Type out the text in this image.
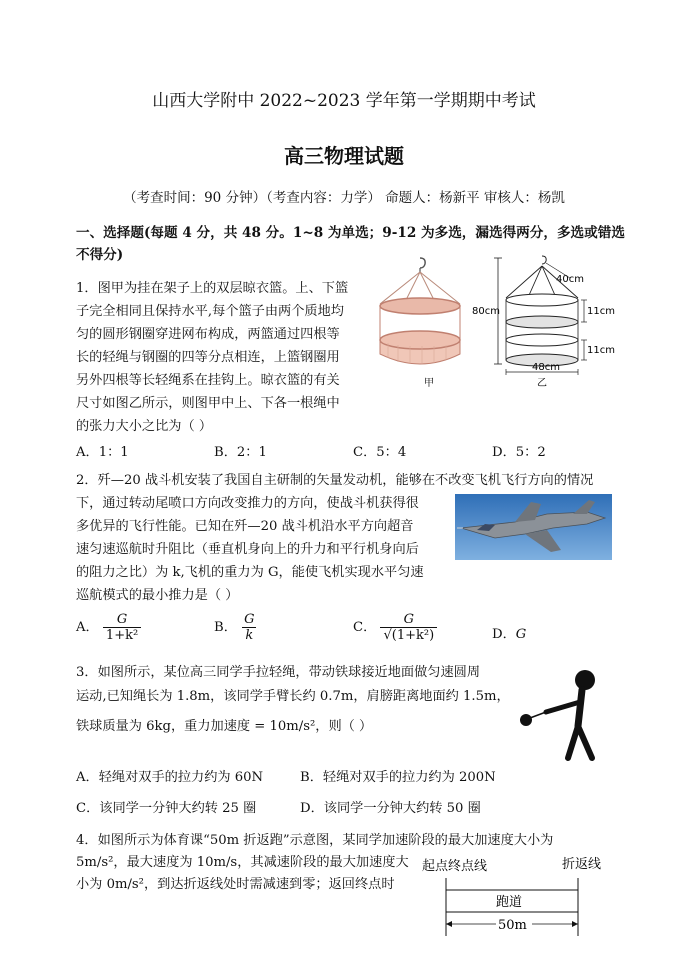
山西大学附中 2022~2023 学年第一学期期中考试
高三物理试题
（考查时间：90 分钟）（考查内容：力学） 命题人：杨新平 审核人：杨凯
一、选择题(每题 4 分，共 48 分。1~8 为单选；9-12 为多选，漏选得两分，多选或错选
不得分)
1．图甲为挂在架子上的双层晾衣篮。上、下篮
子完全相同且保持水平,每个篮子由两个质地均
匀的圆形钢圈穿进网布构成，两篮通过四根等
长的轻绳与钢圈的四等分点相连，上篮钢圈用
另外四根等长轻绳系在挂钩上。晾衣篮的有关
尺寸如图乙所示，则图甲中上、下各一根绳中
的张力大小之比为（ ）
甲
80cm
40cm
11cm
11cm
48cm
乙
A．1：1	B．2：1	C．5：4	D．5：2
2．歼—20 战斗机安装了我国自主研制的矢量发动机，能够在不改变飞机飞行方向的情况
下，通过转动尾喷口方向改变推力的方向，使战斗机获得很
多优异的飞行性能。已知在歼—20 战斗机沿水平方向超音
速匀速巡航时升阻比（垂直机身向上的升力和平行机身向后
的阻力之比）为 k,飞机的重力为 G，能使飞机实现水平匀速
巡航模式的最小推力是（ ）
A． $\frac{G}{\text{1+k²}}$	B． $\frac{G}{k}$	C． $\frac{G}{\text{√(1+k²)}}$	D．G
3．如图所示，某位高三同学手拉轻绳，带动铁球接近地面做匀速圆周
运动,已知绳长为 1.8m，该同学手臂长约 0.7m，肩膀距离地面约 1.5m，
铁球质量为 6kg，重力加速度 = 10m/s²，则（ ）
A．轻绳对双手的拉力约为 60N	B．轻绳对双手的拉力约为 200N
C．该同学一分钟大约转 25 圈	D．该同学一分钟大约转 50 圈
4．如图所示为体育课“50m 折返跑”示意图，某同学加速阶段的最大加速度大小为
5m/s²，最大速度为 10m/s，其减速阶段的最大加速度大
小为 0m/s²，到达折返线处时需减速到零；返回终点时
起点终点线	折返线
跑道
50m
